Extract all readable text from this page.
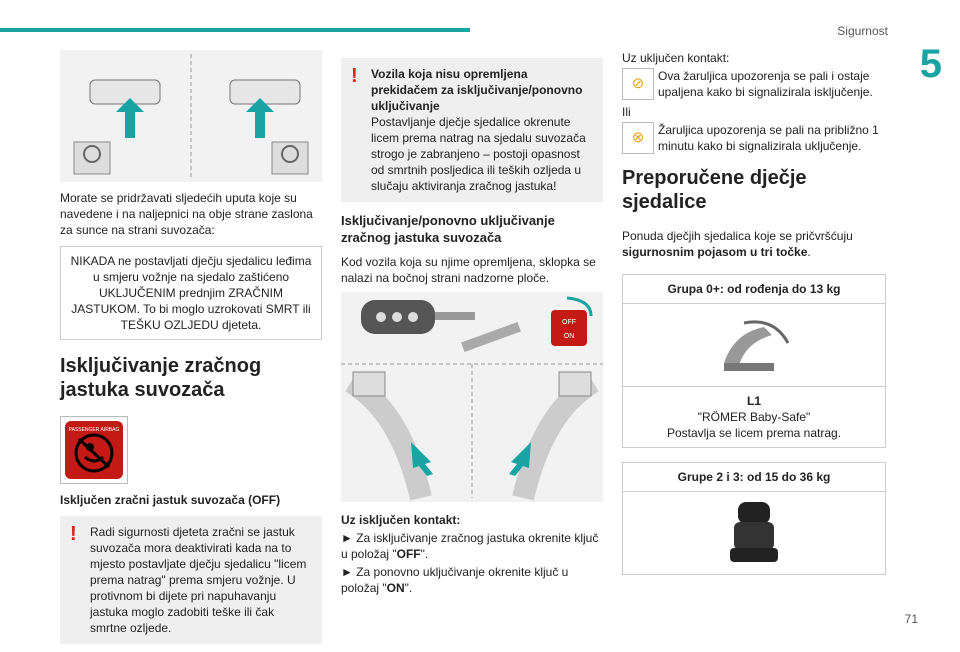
Sigurnost
5
71

Morate se pridržavati sljedećih uputa koje su navedene i na naljepnici na obje strane zaslona za sunce na strani suvozača:

NIKADA ne postavljati dječju sjedalicu leđima u smjeru vožnje na sjedalo zaštićeno UKLJUČENIM prednjim ZRAČNIM JASTUKOM. To bi moglo uzrokovati SMRT ili TEŠKU OZLJEDU djeteta.
Isključivanje zračnog jastuka suvozača
PASSENGER AIRBAG

Isključen zračni jastuk suvozača (OFF)

! Radi sigurnosti djeteta zračni se jastuk suvozača mora deaktivirati kada na to mjesto postavljate dječju sjedalicu "licem prema natrag" prema smjeru vožnje. U protivnom bi dijete pri napuhavanju jastuka moglo zadobiti teške ili čak smrtne ozljede.
! Vozila koja nisu opremljena prekidačem za isključivanje/ponovno uključivanje
Postavljanje dječje sjedalice okrenute licem prema natrag na sjedalu suvozača strogo je zabranjeno – postoji opasnost od smrtnih posljedica ili teških ozljeda u slučaju aktiviranja zračnog jastuka!
Isključivanje/ponovno uključivanje zračnog jastuka suvozača

Kod vozila koja su njime opremljena, sklopka se nalazi na bočnoj strani nadzorne ploče.

OFF
ON

Uz isključen kontakt:

► Za isključivanje zračnog jastuka okrenite ključ u položaj "OFF".

► Za ponovno uključivanje okrenite ključ u položaj "ON".

Uz uključen kontakt:

⊘	Ova žaruljica upozorenja se pali i ostaje upaljena kako bi signalizirala isključenje.

Ili

⊗	Žaruljica upozorenja se pali na približno 1 minutu kako bi signalizirala uključenje.
Preporučene dječje sjedalice

Ponuda dječjih sjedalica koje se pričvršćuju sigurnosnim pojasom u tri točke.

Grupa 0+: od rođenja do 13 kg
L1
"RÖMER Baby-Safe"
Postavlja se licem prema natrag.
Grupe 2 i 3: od 15 do 36 kg
